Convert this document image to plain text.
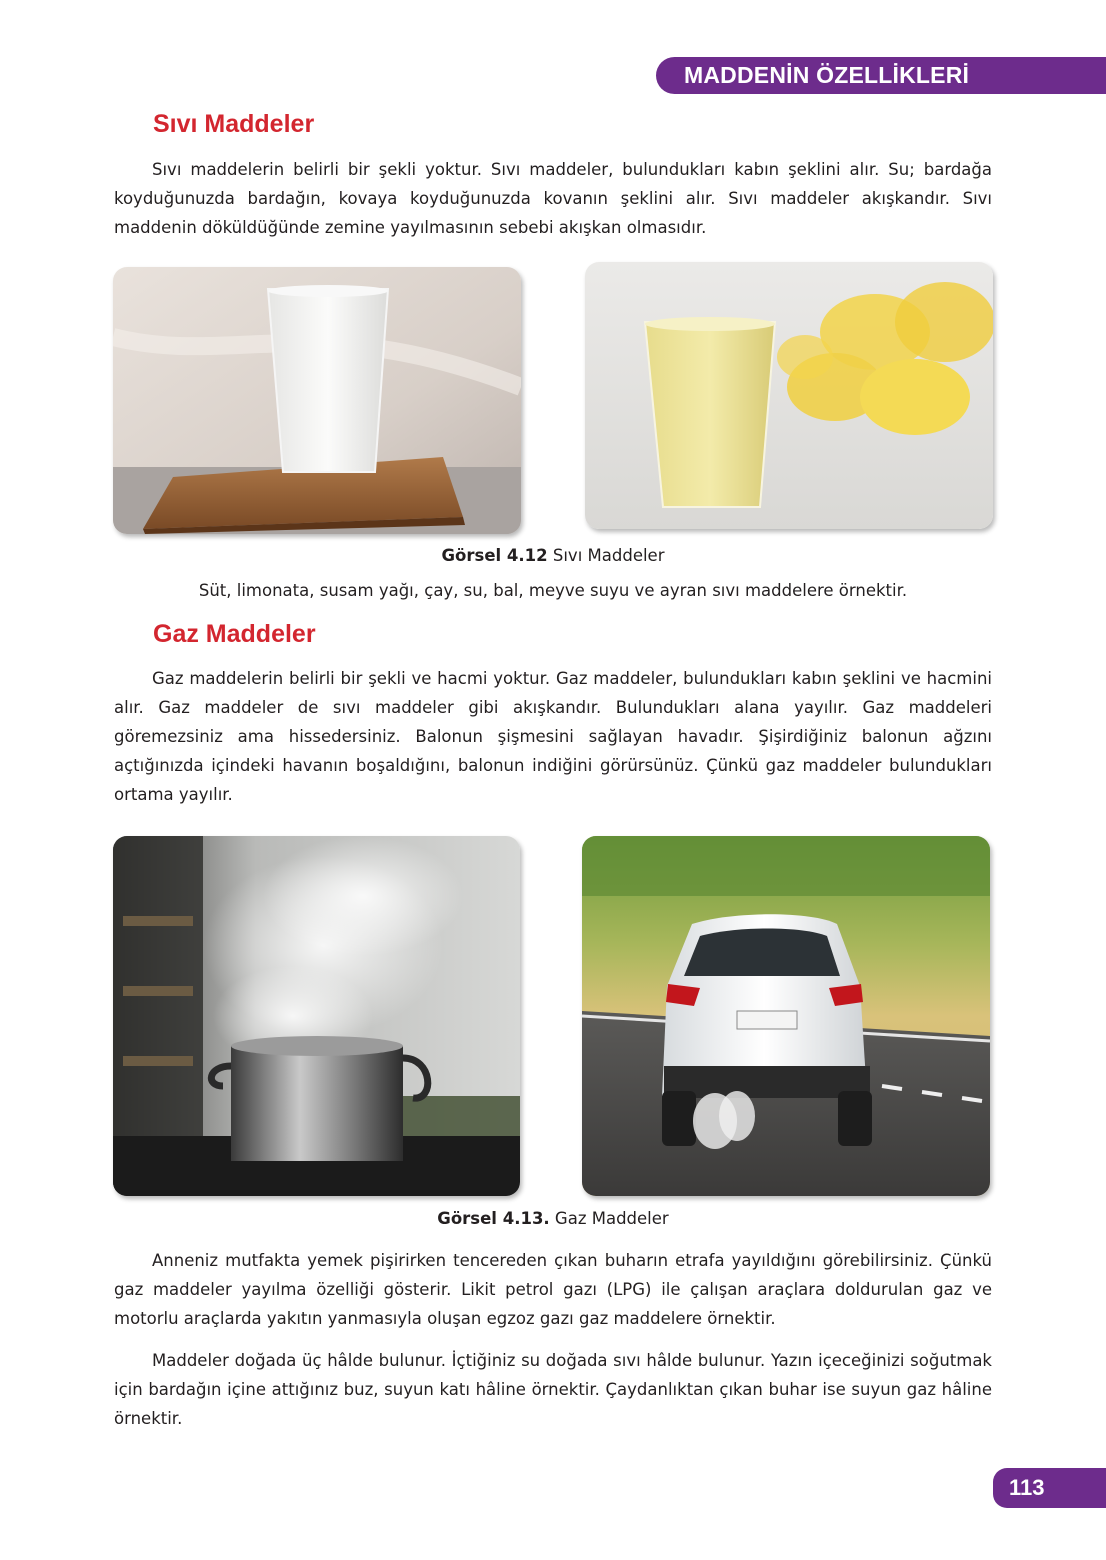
MADDENİN ÖZELLİKLERİ
Sıvı Maddeler

Sıvı maddelerin belirli bir şekli yoktur. Sıvı maddeler, bulundukları kabın şeklini alır. Su; bardağa koyduğunuzda bardağın, kovaya koyduğunuzda kovanın şeklini alır. Sıvı maddeler akışkandır. Sıvı maddenin döküldüğünde zemine yayılmasının sebebi akışkan olmasıdır.

Görsel 4.12 Sıvı Maddeler

Süt, limonata, susam yağı, çay, su, bal, meyve suyu ve ayran sıvı maddelere örnektir.

Gaz Maddeler

Gaz maddelerin belirli bir şekli ve hacmi yoktur. Gaz maddeler, bulundukları kabın şeklini ve hacmini alır. Gaz maddeler de sıvı maddeler gibi akışkandır. Bulundukları alana yayılır. Gaz maddeleri göremezsiniz ama hissedersiniz. Balonun şişmesini sağlayan havadır. Şişirdiğiniz balonun ağzını açtığınızda içindeki havanın boşaldığını, balonun indiğini görürsünüz. Çünkü gaz maddeler bulundukları ortama yayılır.

Görsel 4.13. Gaz Maddeler

Anneniz mutfakta yemek pişirirken tencereden çıkan buharın etrafa yayıldığını görebilirsiniz. Çünkü gaz maddeler yayılma özelliği gösterir. Likit petrol gazı (LPG) ile çalışan araçlara doldurulan gaz ve motorlu araçlarda yakıtın yanmasıyla oluşan egzoz gazı gaz maddelere örnektir.

Maddeler doğada üç hâlde bulunur. İçtiğiniz su doğada sıvı hâlde bulunur. Yazın içeceğinizi soğutmak için bardağın içine attığınız buz, suyun katı hâline örnektir. Çaydanlıktan çıkan buhar ise suyun gaz hâline örnektir.

113
